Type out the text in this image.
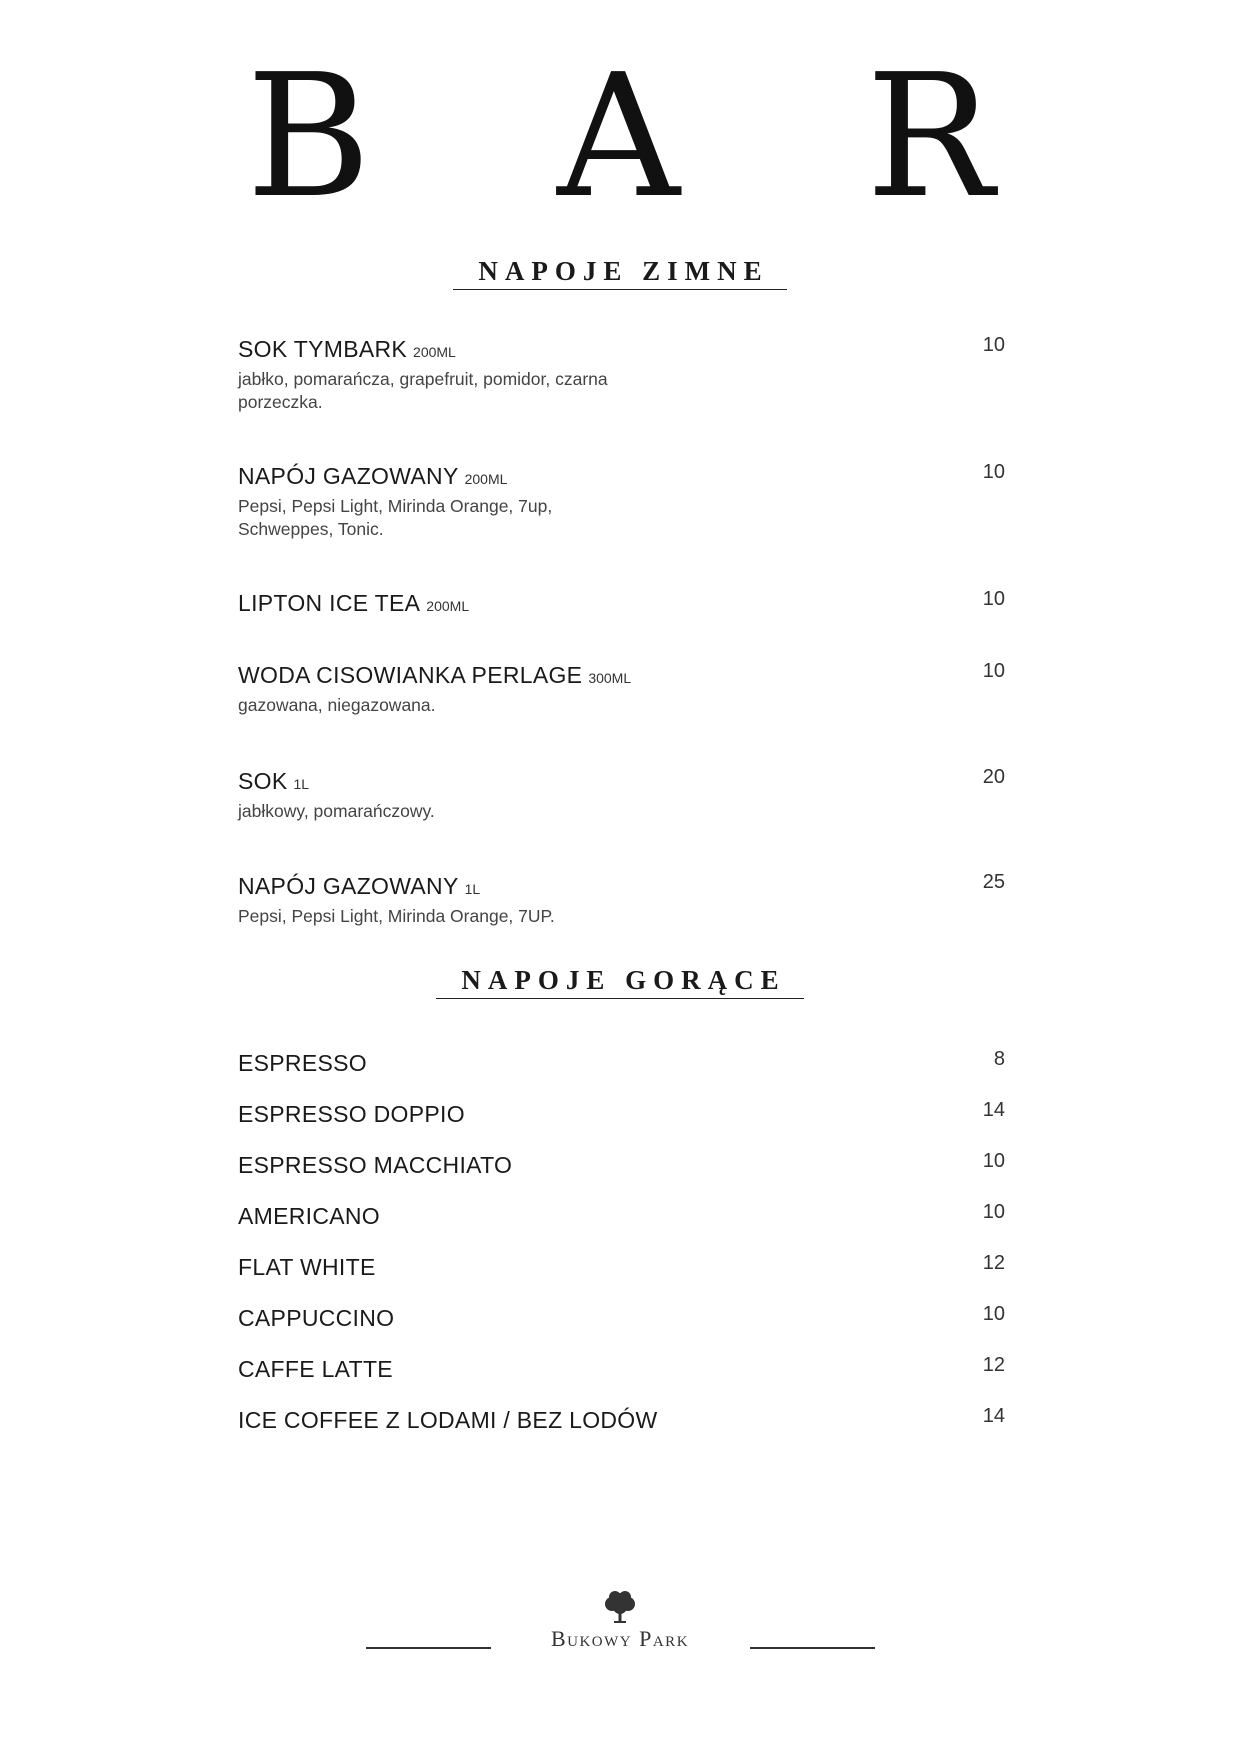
B A R
NAPOJE ZIMNE
SOK TYMBARK 200ML	10
jabłko, pomarańcza, grapefruit, pomidor, czarna porzeczka.
NAPÓJ GAZOWANY 200ML	10
Pepsi, Pepsi Light, Mirinda Orange, 7up, Schweppes, Tonic.
LIPTON ICE TEA 200ML	10
WODA CISOWIANKA PERLAGE 300ML	10
gazowana, niegazowana.
SOK 1L	20
jabłkowy, pomarańczowy.
NAPÓJ GAZOWANY 1L	25
Pepsi, Pepsi Light, Mirinda Orange, 7UP.
NAPOJE GORĄCE
ESPRESSO	8
ESPRESSO DOPPIO	14
ESPRESSO MACCHIATO	10
AMERICANO	10
FLAT WHITE	12
CAPPUCCINO	10
CAFFE LATTE	12
ICE COFFEE Z LODAMI / BEZ LODÓW	14
Bukowy Park
